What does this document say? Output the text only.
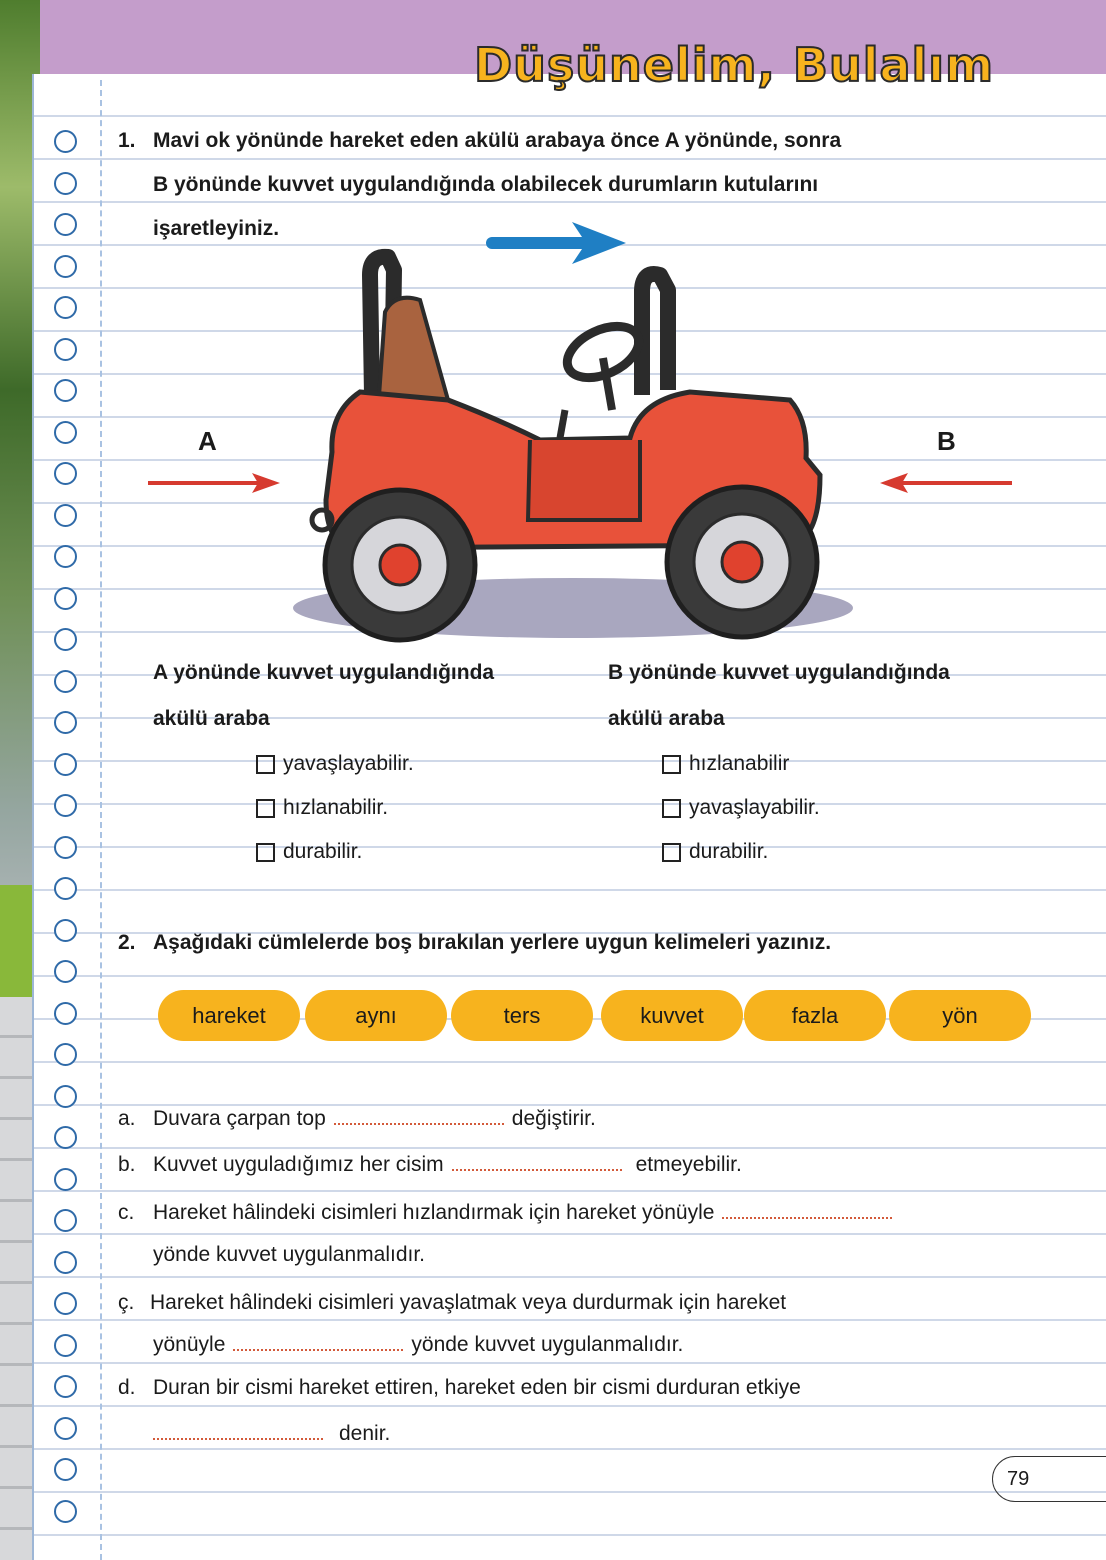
Düşünelim, Bulalım
1. Mavi ok yönünde hareket eden akülü arabaya önce A yönünde, sonra
B yönünde kuvvet uygulandığında olabilecek durumların kutularını
işaretleyiniz.
A	B
A yönünde kuvvet uygulandığında
akülü araba
B yönünde kuvvet uygulandığında
akülü araba
yavaşlayabilir.
hızlanabilir.
durabilir.
hızlanabilir
yavaşlayabilir.
durabilir.
2. Aşağıdaki cümlelerde boş bırakılan yerlere uygun kelimeleri yazınız.
hareket	aynı	ters	kuvvet	fazla	yön
a. Duvara çarpan top	değiştirir.
b. Kuvvet uyguladığımız her cisim	etmeyebilir.
c. Hareket hâlindeki cisimleri hızlandırmak için hareket yönüyle
yönde kuvvet uygulanmalıdır.
ç. Hareket hâlindeki cisimleri yavaşlatmak veya durdurmak için hareket
yönüyle	yönde kuvvet uygulanmalıdır.
d. Duran bir cismi hareket ettiren, hareket eden bir cismi durduran etkiye
denir.
79
